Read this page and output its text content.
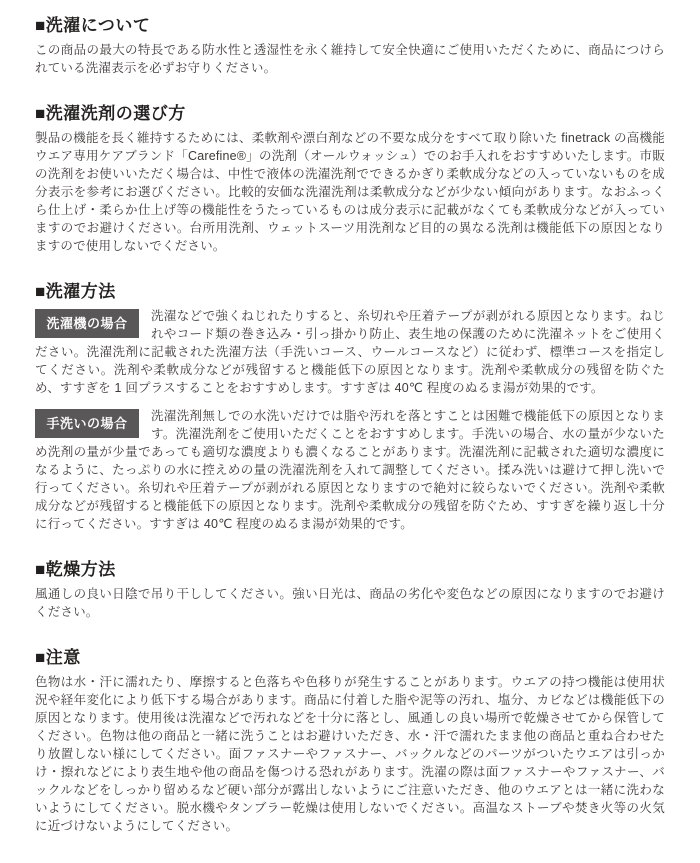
■洗濯について

この商品の最大の特長である防水性と透湿性を永く維持して安全快適にご使用いただくために、商品につけられている洗濯表示を必ずお守りください。

■洗濯洗剤の選び方

製品の機能を長く維持するためには、柔軟剤や漂白剤などの不要な成分をすべて取り除いた finetrack の高機能ウエア専用ケアブランド「Carefine®」の洗剤（オールウォッシュ）でのお手入れをおすすめいたします。市販の洗剤をお使いいただく場合は、中性で液体の洗濯洗剤でできるかぎり柔軟成分などの入っていないものを成分表示を参考にお選びください。比較的安価な洗濯洗剤は柔軟成分などが少ない傾向があります。なおふっくら仕上げ・柔らか仕上げ等の機能性をうたっているものは成分表示に記載がなくても柔軟成分などが入っていますのでお避けください。台所用洗剤、ウェットスーツ用洗剤など目的の異なる洗剤は機能低下の原因となりますので使用しないでください。

■洗濯方法
洗濯機の場合	洗濯などで強くねじれたりすると、糸切れや圧着テープが剥がれる原因となります。ねじれやコード類の巻き込み・引っ掛かり防止、表生地の保護のために洗濯ネットをご使用ください。洗濯洗剤に記載された洗濯方法（手洗いコース、ウールコースなど）に従わず、標準コースを指定してください。洗剤や柔軟成分などが残留すると機能低下の原因となります。洗剤や柔軟成分の残留を防ぐため、すすぎを 1 回プラスすることをおすすめします。すすぎは 40℃ 程度のぬるま湯が効果的です。
手洗いの場合	洗濯洗剤無しでの水洗いだけでは脂や汚れを落とすことは困難で機能低下の原因となります。洗濯洗剤をご使用いただくことをおすすめします。手洗いの場合、水の量が少ないため洗剤の量が少量であっても適切な濃度よりも濃くなることがあります。洗濯洗剤に記載された適切な濃度になるように、たっぷりの水に控えめの量の洗濯洗剤を入れて調整してください。揉み洗いは避けて押し洗いで行ってください。糸切れや圧着テープが剥がれる原因となりますので絶対に絞らないでください。洗剤や柔軟成分などが残留すると機能低下の原因となります。洗剤や柔軟成分の残留を防ぐため、すすぎを繰り返し十分に行ってください。すすぎは 40℃ 程度のぬるま湯が効果的です。
■乾燥方法

風通しの良い日陰で吊り干ししてください。強い日光は、商品の劣化や変色などの原因になりますのでお避けください。

■注意

色物は水・汗に濡れたり、摩擦すると色落ちや色移りが発生することがあります。ウエアの持つ機能は使用状況や経年変化により低下する場合があります。商品に付着した脂や泥等の汚れ、塩分、カビなどは機能低下の原因となります。使用後は洗濯などで汚れなどを十分に落とし、風通しの良い場所で乾燥させてから保管してください。色物は他の商品と一緒に洗うことはお避けいただき、水・汗で濡れたまま他の商品と重ね合わせたり放置しない様にしてください。面ファスナーやファスナー、バックルなどのパーツがついたウエアは引っかけ・擦れなどにより表生地や他の商品を傷つける恐れがあります。洗濯の際は面ファスナーやファスナー、バックルなどをしっかり留めるなど硬い部分が露出しないようにご注意いただき、他のウエアとは一緒に洗わないようにしてください。脱水機やタンブラー乾燥は使用しないでください。高温なストーブや焚き火等の火気に近づけないようにしてください。
